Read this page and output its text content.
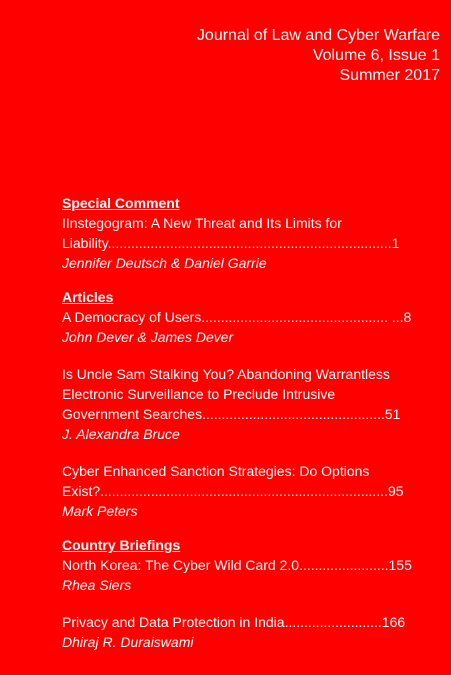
Journal of Law and Cyber Warfare
Volume 6, Issue 1
Summer 2017
Special Comment
IInstegogram: A New Threat and Its Limits for
Liability.........................................................................1
Jennifer Deutsch & Daniel Garrie
Articles
A Democracy of Users................................................ ...8
John Dever & James Dever
Is Uncle Sam Stalking You? Abandoning Warrantless
Electronic Surveillance to Preclude Intrusive
Government Searches...............................................51
J. Alexandra Bruce
Cyber Enhanced Sanction Strategies: Do Options
Exist?..........................................................................95
Mark Peters
Country Briefings
North Korea: The Cyber Wild Card 2.0.......................155
Rhea Siers
Privacy and Data Protection in India.........................166
Dhiraj R. Duraiswami
